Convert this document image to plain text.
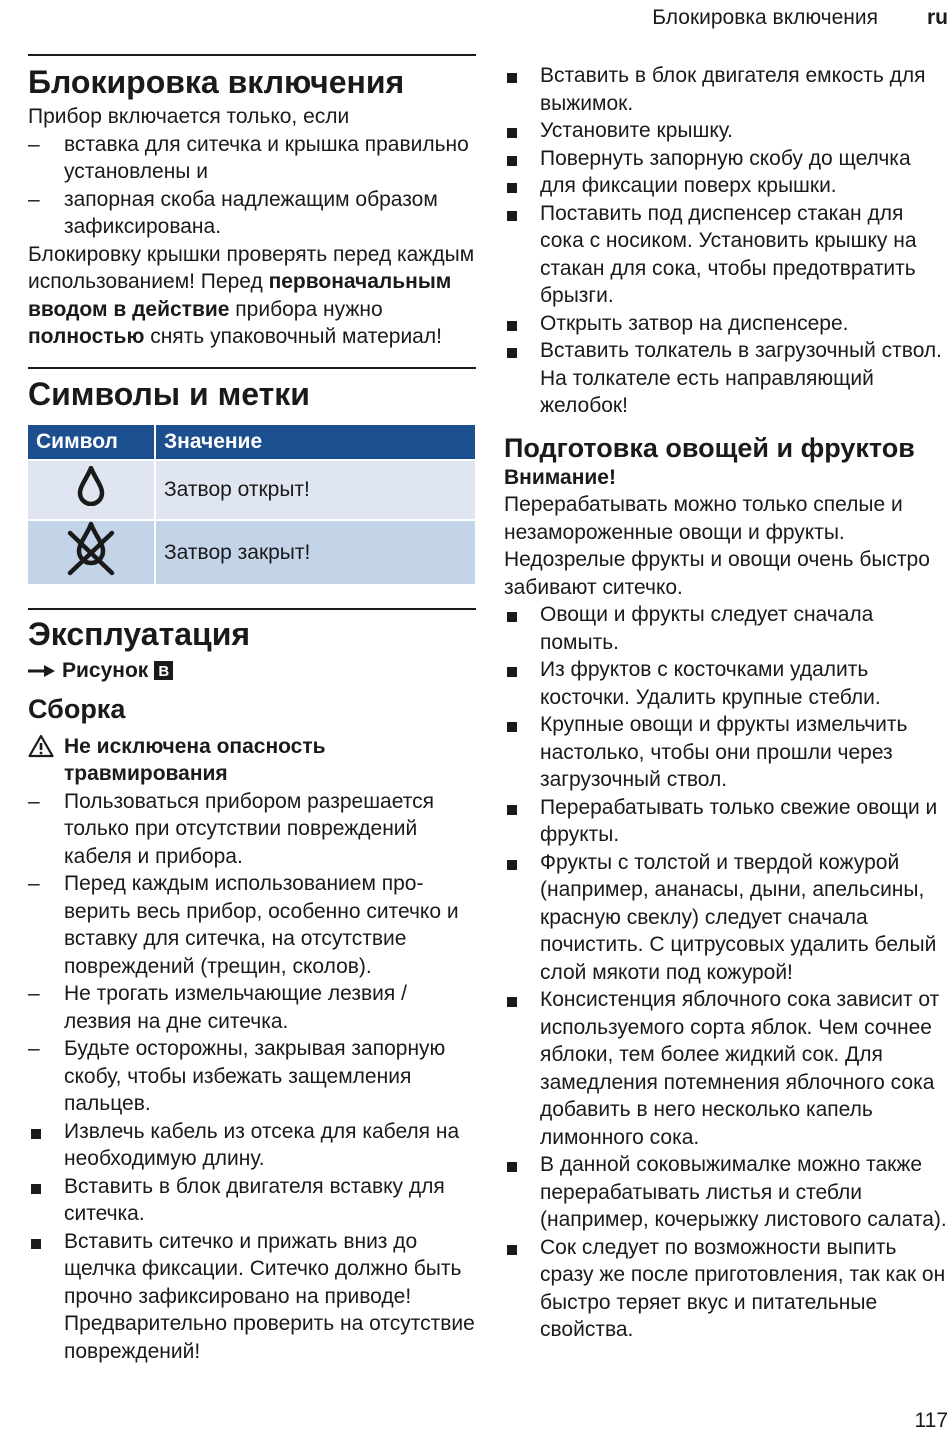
Блокировка включения ru
Блокировка включения

Прибор включается только, если

– вставка для ситечка и крышка правильно установлены и
– запорная скоба надлежащим образом зафиксирована.

Блокировку крышки проверять перед каждым использованием! Перед первоначальным вводом в действие прибора нужно полностью снять упаковочный материал!

Символы и метки
Символ	Значение
	Затвор открыт!
	Затвор закрыт!
Эксплуатация
Рисунок B
Сборка
Не исключена опасность травмирования
– Пользоваться прибором разрешается только при отсутствии повреждений кабеля и прибора.
– Перед каждым использованием проверить весь прибор, особенно ситечко и вставку для ситечка, на отсутствие повреждений (трещин, сколов).
– Не трогать измельчающие лезвия / лезвия на дне ситечка.
– Будьте осторожны, закрывая запорную скобу, чтобы избежать защемления пальцев.
Извлечь кабель из отсека для кабеля на необходимую длину.
Вставить в блок двигателя вставку для ситечка.
Вставить ситечко и прижать вниз до щелчка фиксации. Ситечко должно быть прочно зафиксировано на приводе! Предварительно проверить на отсутствие повреждений!
Вставить в блок двигателя емкость для выжимок.
Установите крышку.
Повернуть запорную скобу до щелчка
для фиксации поверх крышки.
Поставить под диспенсер стакан для сока с носиком. Установить крышку на стакан для сока, чтобы предотвратить брызги.
Открыть затвор на диспенсере.
Вставить толкатель в загрузочный ствол. На толкателе есть направляющий желобок!
Подготовка овощей и фруктов
Внимание!

Перерабатывать можно только спелые и незамороженные овощи и фрукты. Недозрелые фрукты и овощи очень быстро забивают ситечко.

Овощи и фрукты следует сначала помыть.
Из фруктов с косточками удалить косточки. Удалить крупные стебли.
Крупные овощи и фрукты измельчить настолько, чтобы они прошли через загрузочный ствол.
Перерабатывать только свежие овощи и фрукты.
Фрукты с толстой и твердой кожурой (например, ананасы, дыни, апельсины, красную свеклу) следует сначала почистить. С цитрусовых удалить белый слой мякоти под кожурой!
Консистенция яблочного сока зависит от используемого сорта яблок. Чем сочнее яблоки, тем более жидкий сок. Для замедления потемнения яблочного сока добавить в него несколько капель лимонного сока.
В данной соковыжималке можно также перерабатывать листья и стебли (например, кочерыжку листового салата).
Сок следует по возможности выпить сразу же после приготовления, так как он быстро теряет вкус и питательные свойства.
117
